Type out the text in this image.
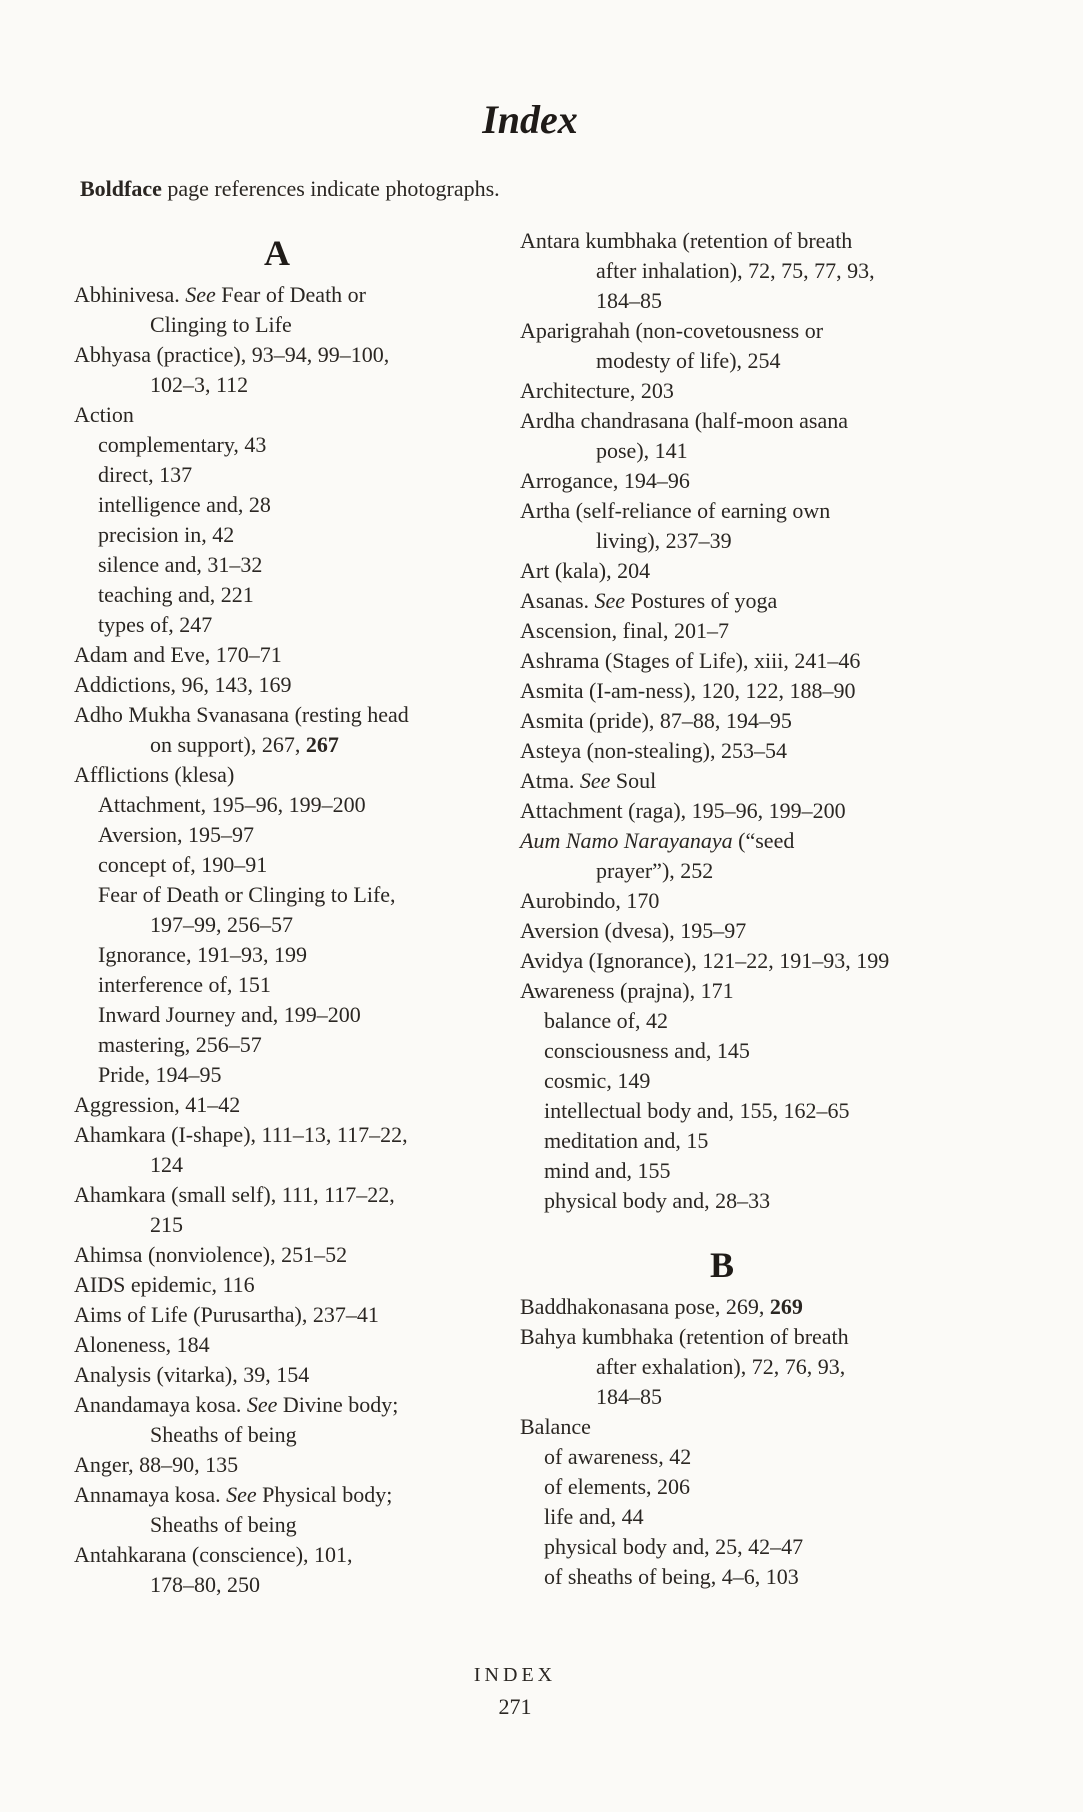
Index
Boldface page references indicate photographs.
A
Abhinivesa. See Fear of Death or
Clinging to Life
Abhyasa (practice), 93–94, 99–100,
102–3, 112
Action
complementary, 43
direct, 137
intelligence and, 28
precision in, 42
silence and, 31–32
teaching and, 221
types of, 247
Adam and Eve, 170–71
Addictions, 96, 143, 169
Adho Mukha Svanasana (resting head
on support), 267, 267
Afflictions (klesa)
Attachment, 195–96, 199–200
Aversion, 195–97
concept of, 190–91
Fear of Death or Clinging to Life,
197–99, 256–57
Ignorance, 191–93, 199
interference of, 151
Inward Journey and, 199–200
mastering, 256–57
Pride, 194–95
Aggression, 41–42
Ahamkara (I-shape), 111–13, 117–22,
124
Ahamkara (small self), 111, 117–22,
215
Ahimsa (nonviolence), 251–52
AIDS epidemic, 116
Aims of Life (Purusartha), 237–41
Aloneness, 184
Analysis (vitarka), 39, 154
Anandamaya kosa. See Divine body;
Sheaths of being
Anger, 88–90, 135
Annamaya kosa. See Physical body;
Sheaths of being
Antahkarana (conscience), 101,
178–80, 250
Antara kumbhaka (retention of breath
after inhalation), 72, 75, 77, 93,
184–85
Aparigrahah (non-covetousness or
modesty of life), 254
Architecture, 203
Ardha chandrasana (half-moon asana
pose), 141
Arrogance, 194–96
Artha (self-reliance of earning own
living), 237–39
Art (kala), 204
Asanas. See Postures of yoga
Ascension, final, 201–7
Ashrama (Stages of Life), xiii, 241–46
Asmita (I-am-ness), 120, 122, 188–90
Asmita (pride), 87–88, 194–95
Asteya (non-stealing), 253–54
Atma. See Soul
Attachment (raga), 195–96, 199–200
Aum Namo Narayanaya (“seed
prayer”), 252
Aurobindo, 170
Aversion (dvesa), 195–97
Avidya (Ignorance), 121–22, 191–93, 199
Awareness (prajna), 171
balance of, 42
consciousness and, 145
cosmic, 149
intellectual body and, 155, 162–65
meditation and, 15
mind and, 155
physical body and, 28–33
B
Baddhakonasana pose, 269, 269
Bahya kumbhaka (retention of breath
after exhalation), 72, 76, 93,
184–85
Balance
of awareness, 42
of elements, 206
life and, 44
physical body and, 25, 42–47
of sheaths of being, 4–6, 103
INDEX
271
